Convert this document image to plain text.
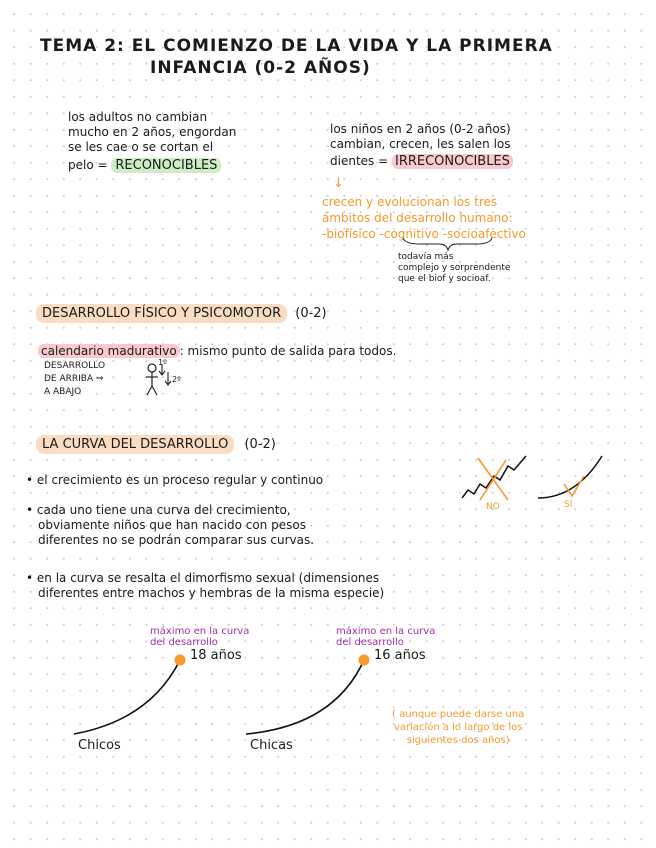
TEMA 2: EL COMIENZO DE LA VIDA Y LA PRIMERA
INFANCIA (0-2 AÑOS)
los adultos no cambian
mucho en 2 años, engordan
se les cae o se cortan el
pelo = RECONOCIBLES
los niños en 2 años (0-2 años)
cambian, crecen, les salen los
dientes = IRRECONOCIBLES
↓
crecen y evolucionan los tres
ámbitos del desarrollo humano:
-biofísico -cognitivo -socioafectivo
todavía más
complejo y sorprendente
que el biof y socioaf.
DESARROLLO FÍSICO Y PSICOMOTOR (0-2)
calendario madurativo : mismo punto de salida para todos.
DESARROLLO
DE ARRIBA ⇒
A ABAJO
1º
2º
LA CURVA DEL DESARROLLO (0-2)
• el crecimiento es un proceso regular y continuo
• cada uno tiene una curva del crecimiento,
obviamente niños que han nacido con pesos
diferentes no se podrán comparar sus curvas.
• en la curva se resalta el dimorfismo sexual (dimensiones
diferentes entre machos y hembras de la misma especie)
NO	SÍ
máximo en la curva
del desarrollo
18 años
Chicos
máximo en la curva
del desarrollo
16 años
Chicas
( aunque puede darse una
variación a lo largo de los
siguientes dos años)
